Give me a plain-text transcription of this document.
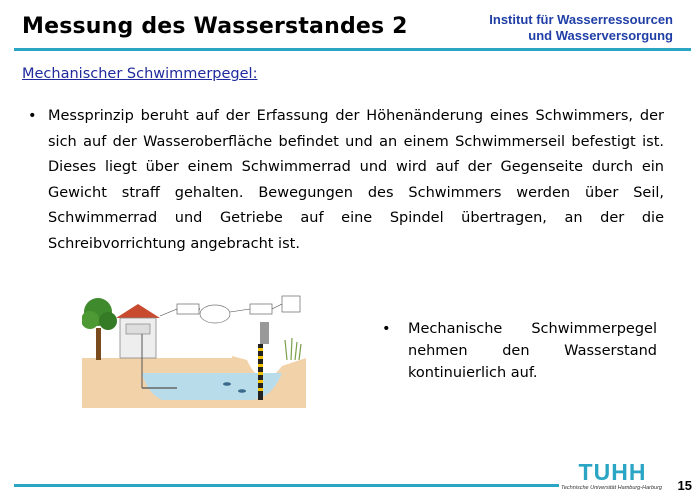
Messung des Wasserstandes 2	Institut für Wasserressourcen
und Wasserversorgung
Mechanischer Schwimmerpegel:
• Messprinzip beruht auf der Erfassung der Höhenänderung eines Schwimmers, der sich auf der Wasseroberfläche befindet und an einem Schwimmerseil befestigt ist. Dieses liegt über einem Schwimmerrad und wird auf der Gegenseite durch ein Gewicht straff gehalten. Bewegungen des Schwimmers werden über Seil, Schwimmerrad und Getriebe auf eine Spindel übertragen, an der die Schreibvorrichtung angebracht ist.
• Mechanische Schwimmerpegel nehmen den Wasserstand kontinuierlich auf.
TUHH
Technische Universität Hamburg-Harburg 15
